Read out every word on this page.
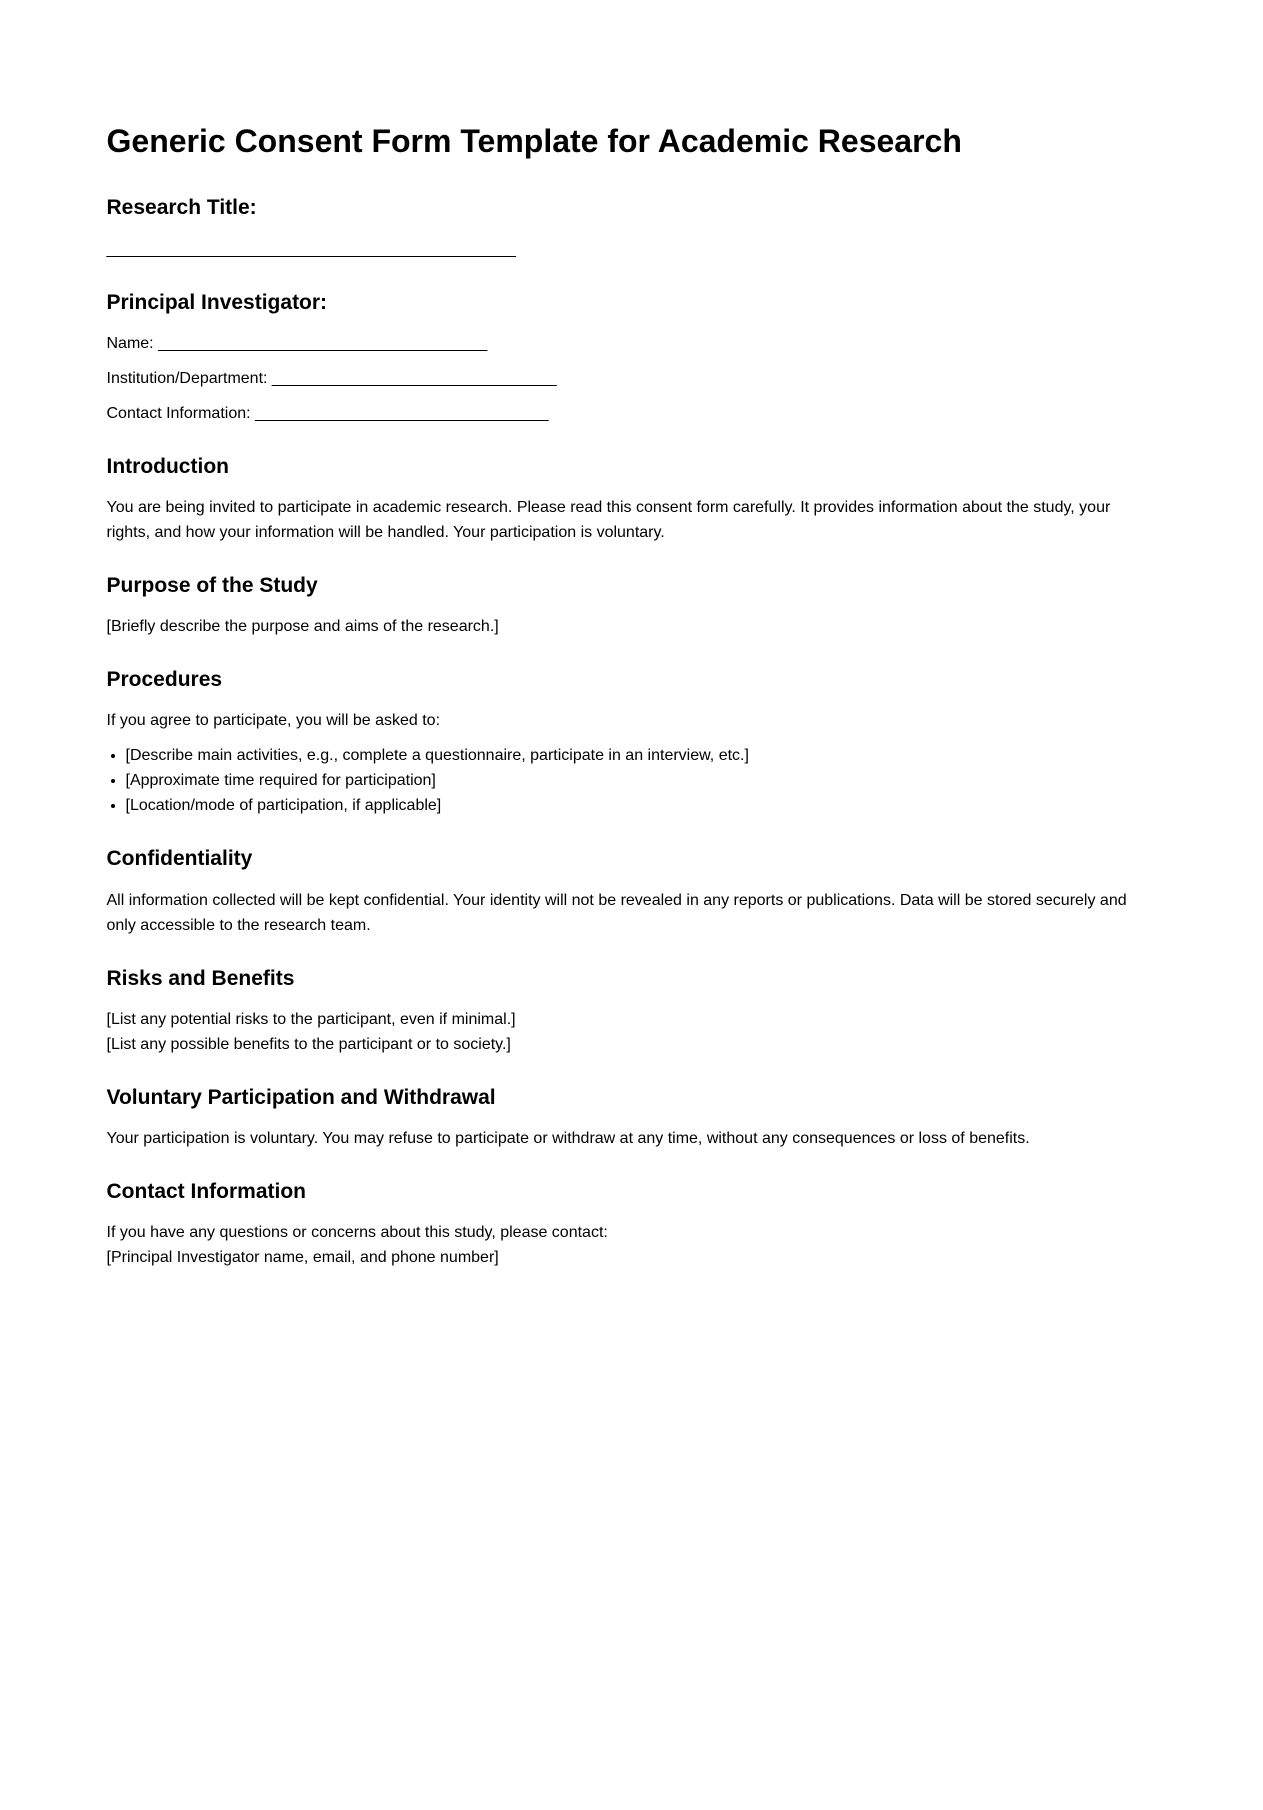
Generic Consent Form Template for Academic Research
Research Title:

______________________________________________

Principal Investigator:

Name: _____________________________________

Institution/Department: ________________________________

Contact Information: _________________________________

Introduction

You are being invited to participate in academic research. Please read this consent form carefully. It provides information about the study, your rights, and how your information will be handled. Your participation is voluntary.

Purpose of the Study

[Briefly describe the purpose and aims of the research.]

Procedures

If you agree to participate, you will be asked to:

• [Describe main activities, e.g., complete a questionnaire, participate in an interview, etc.]
• [Approximate time required for participation]
• [Location/mode of participation, if applicable]
Confidentiality

All information collected will be kept confidential. Your identity will not be revealed in any reports or publications. Data will be stored securely and only accessible to the research team.

Risks and Benefits

[List any potential risks to the participant, even if minimal.]
[List any possible benefits to the participant or to society.]

Voluntary Participation and Withdrawal

Your participation is voluntary. You may refuse to participate or withdraw at any time, without any consequences or loss of benefits.

Contact Information

If you have any questions or concerns about this study, please contact:
[Principal Investigator name, email, and phone number]
